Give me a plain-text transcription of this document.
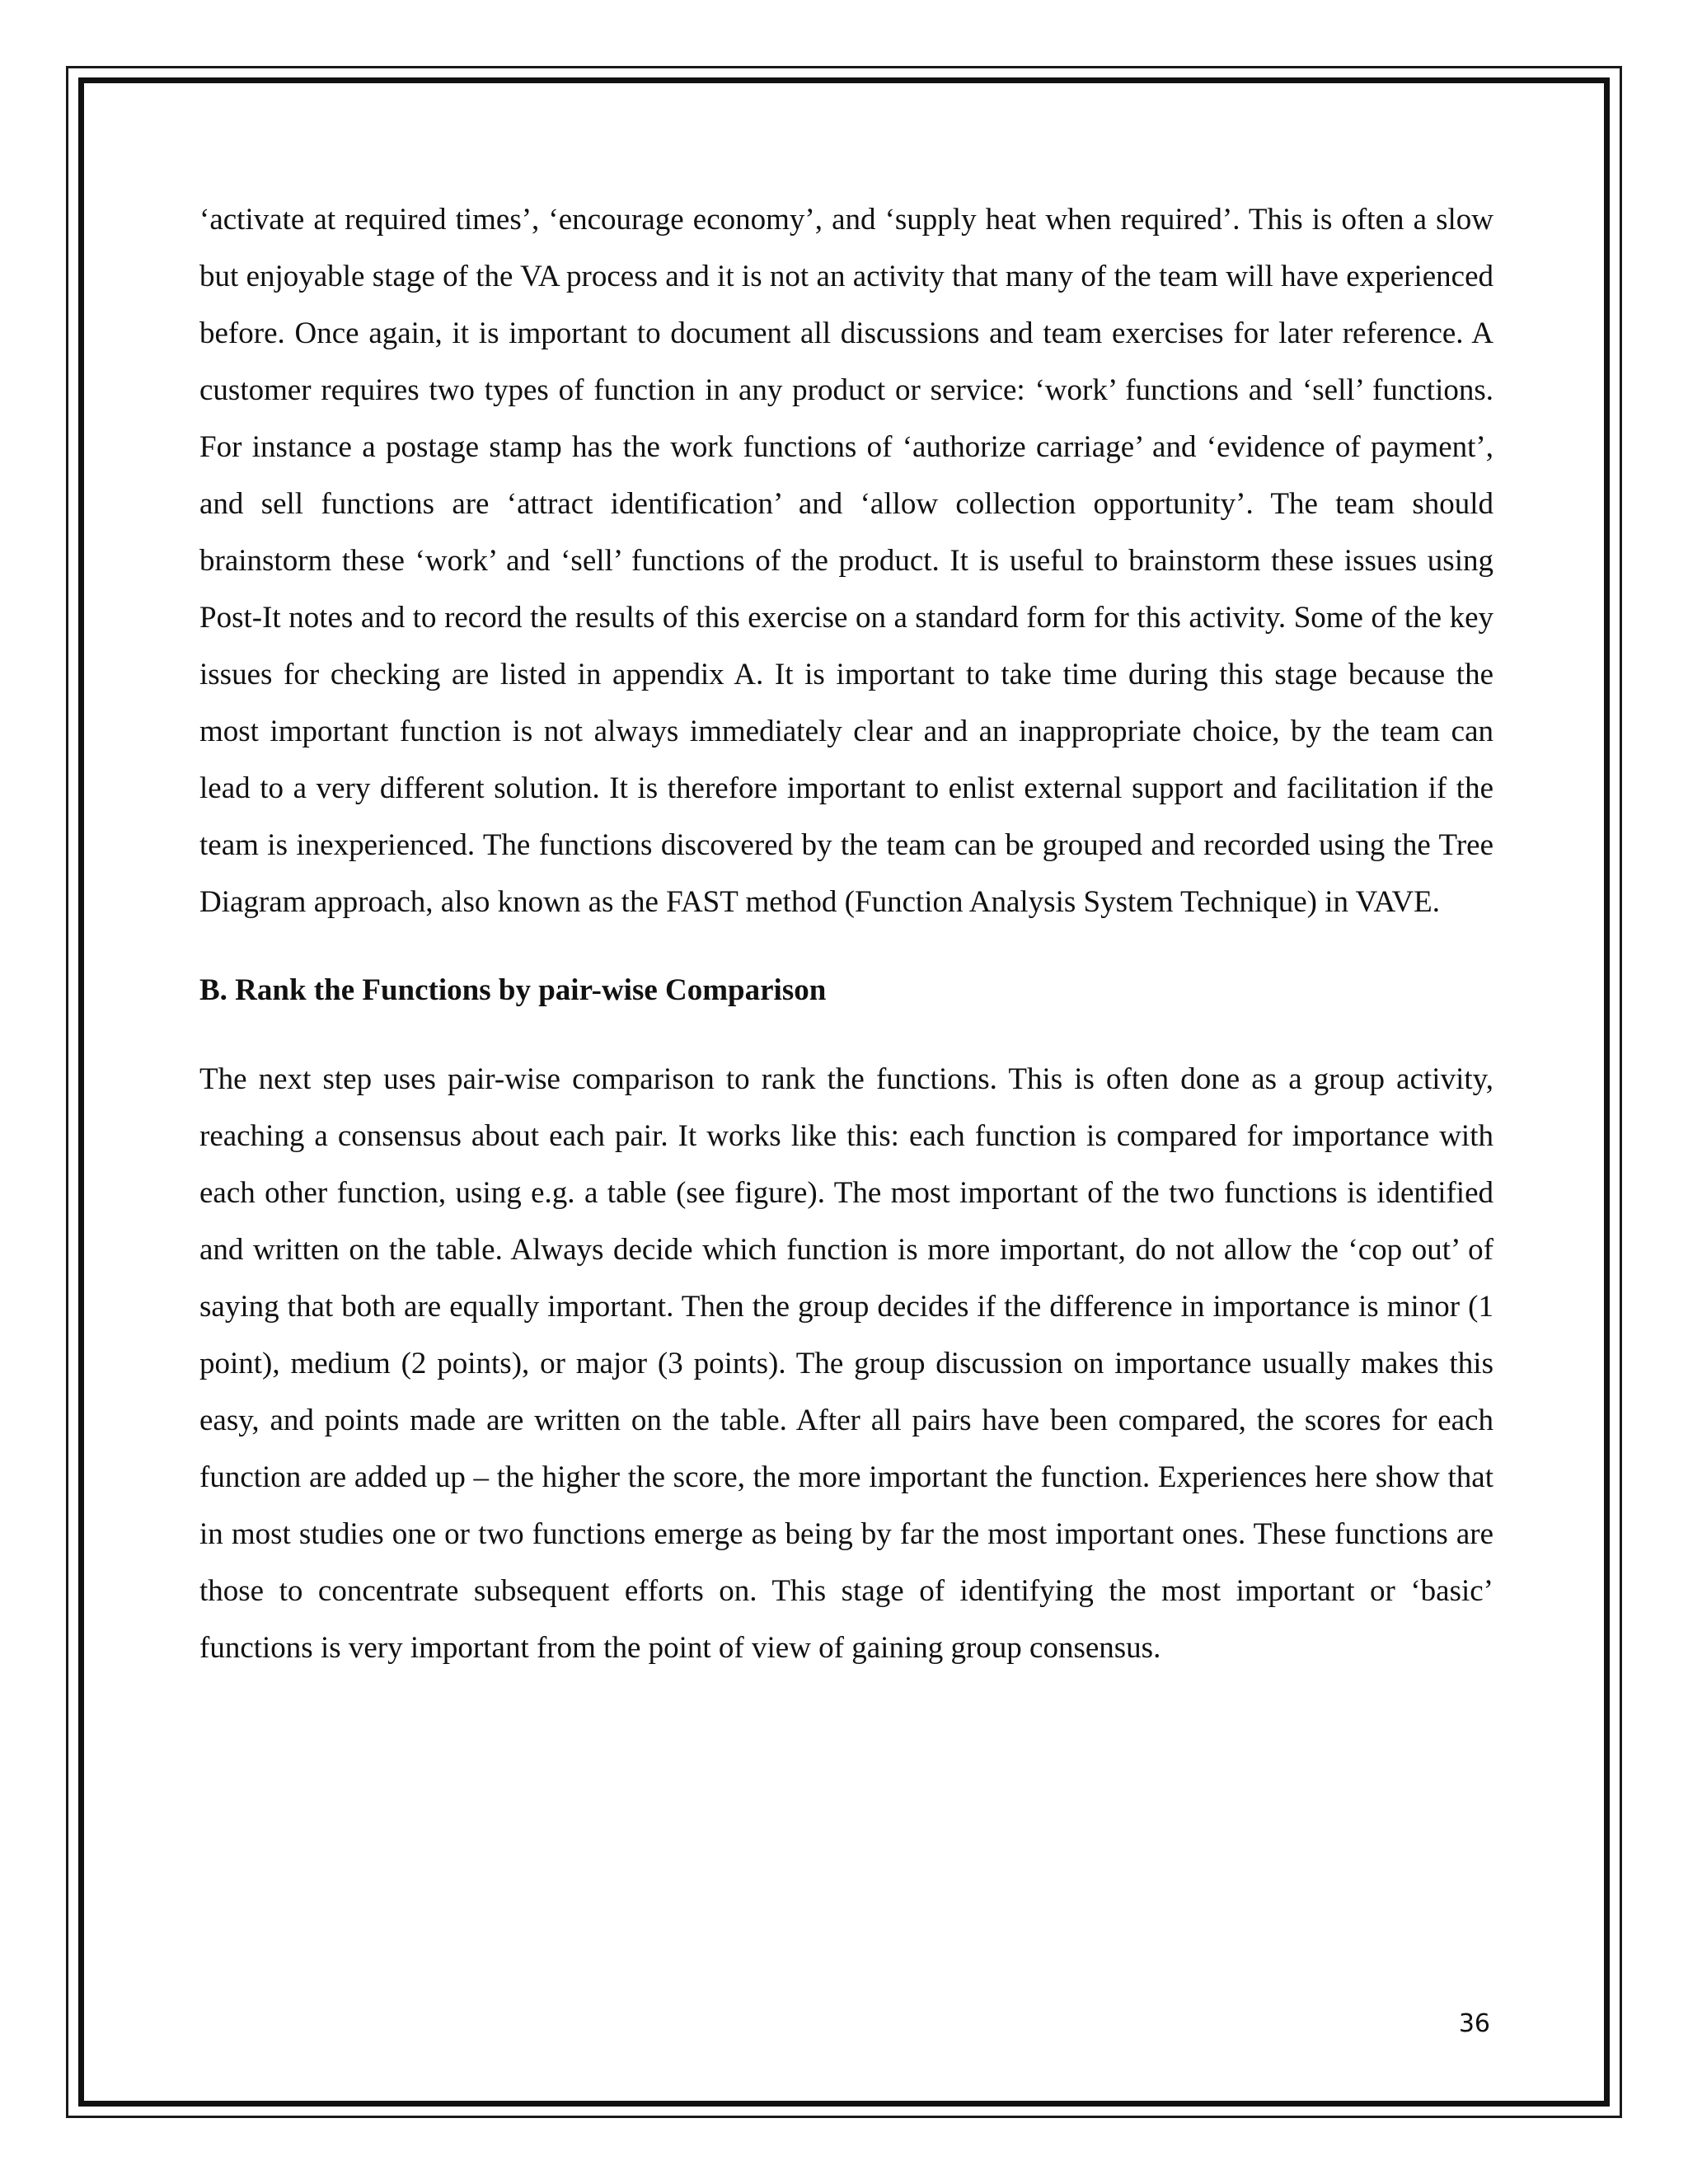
‘activate at required times’, ‘encourage economy’, and ‘supply heat when required’. This is often a slow but enjoyable stage of the VA process and it is not an activity that many of the team will have experienced before. Once again, it is important to document all discussions and team exercises for later reference. A customer requires two types of function in any product or service: ‘work’ functions and ‘sell’ functions. For instance a postage stamp has the work functions of ‘authorize carriage’ and ‘evidence of payment’, and sell functions are ‘attract identification’ and ‘allow collection opportunity’. The team should brainstorm these ‘work’ and ‘sell’ functions of the product. It is useful to brainstorm these issues using Post-It notes and to record the results of this exercise on a standard form for this activity. Some of the key issues for checking are listed in appendix A. It is important to take time during this stage because the most important function is not always immediately clear and an inappropriate choice, by the team can lead to a very different solution. It is therefore important to enlist external support and facilitation if the team is inexperienced. The functions discovered by the team can be grouped and recorded using the Tree Diagram approach, also known as the FAST method (Function Analysis System Technique) in VAVE.

B. Rank the Functions by pair-wise Comparison

The next step uses pair-wise comparison to rank the functions. This is often done as a group activity, reaching a consensus about each pair. It works like this: each function is compared for importance with each other function, using e.g. a table (see figure). The most important of the two functions is identified and written on the table. Always decide which function is more important, do not allow the ‘cop out’ of saying that both are equally important. Then the group decides if the difference in importance is minor (1 point), medium (2 points), or major (3 points). The group discussion on importance usually makes this easy, and points made are written on the table. After all pairs have been compared, the scores for each function are added up – the higher the score, the more important the function. Experiences here show that in most studies one or two functions emerge as being by far the most important ones. These functions are those to concentrate subsequent efforts on. This stage of identifying the most important or ‘basic’ functions is very important from the point of view of gaining group consensus.

36
